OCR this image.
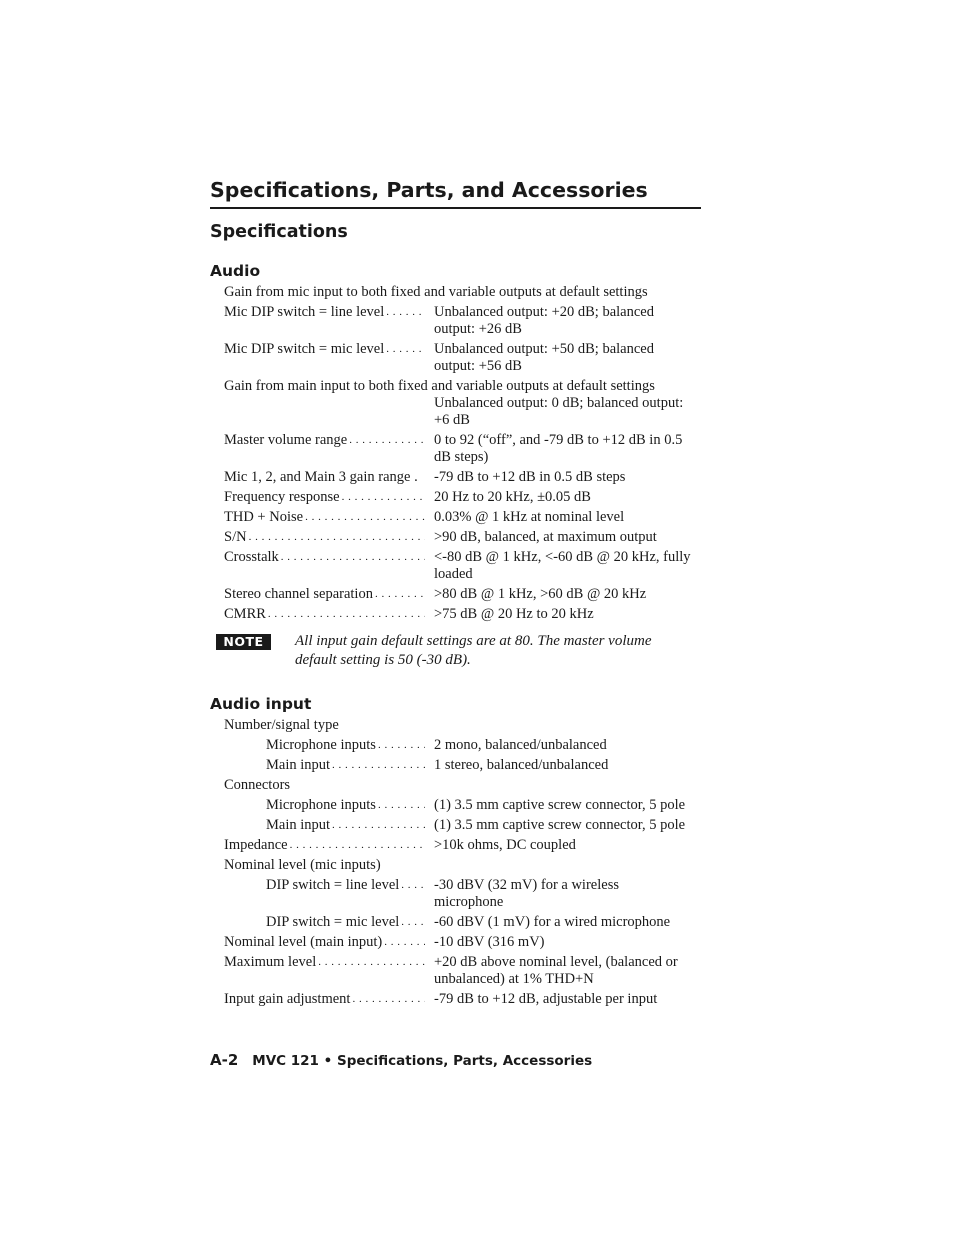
Specifications, Parts, and Accessories
Specifications
Audio
Gain from mic input to both fixed and variable outputs at default settings
Mic DIP switch = line level . . .	Unbalanced output: +20 dB; balanced
output: +26 dB
Mic DIP switch = mic level . . .	Unbalanced output: +50 dB; balanced
output: +56 dB
Gain from main input to both fixed and variable outputs at default settings
Unbalanced output: 0 dB; balanced output:
+6 dB
Master volume range . . .	0 to 92 (“off”, and -79 dB to +12 dB in 0.5
dB steps)
Mic 1, 2, and Main 3 gain range . -79 dB to +12 dB in 0.5 dB steps
Frequency response . . .	20 Hz to 20 kHz, ±0.05 dB
THD + Noise . . .	0.03% @ 1 kHz at nominal level
S/N . . .	>90 dB, balanced, at maximum output
Crosstalk . . .	<-80 dB @ 1 kHz, <-60 dB @ 20 kHz, fully
loaded
Stereo channel separation . . .	>80 dB @ 1 kHz, >60 dB @ 20 kHz
CMRR . . .	>75 dB @ 20 Hz to 20 kHz
NOTE	All input gain default settings are at 80. The master volume default setting is 50 (-30 dB).
Audio input
Number/signal type
Microphone inputs . . .	2 mono, balanced/unbalanced
Main input . . .	1 stereo, balanced/unbalanced
Connectors
Microphone inputs . . .	(1) 3.5 mm captive screw connector, 5 pole
Main input . . .	(1) 3.5 mm captive screw connector, 5 pole
Impedance . . .	>10k ohms, DC coupled
Nominal level (mic inputs)
DIP switch = line level . . . -30 dBV (32 mV) for a wireless
microphone
DIP switch = mic level . . . -60 dBV (1 mV) for a wired microphone
Nominal level (main input) . . .	-10 dBV (316 mV)
Maximum level . . .	+20 dB above nominal level, (balanced or
unbalanced) at 1% THD+N
Input gain adjustment . . .	-79 dB to +12 dB, adjustable per input
A-2 MVC 121 • Specifications, Parts, Accessories
